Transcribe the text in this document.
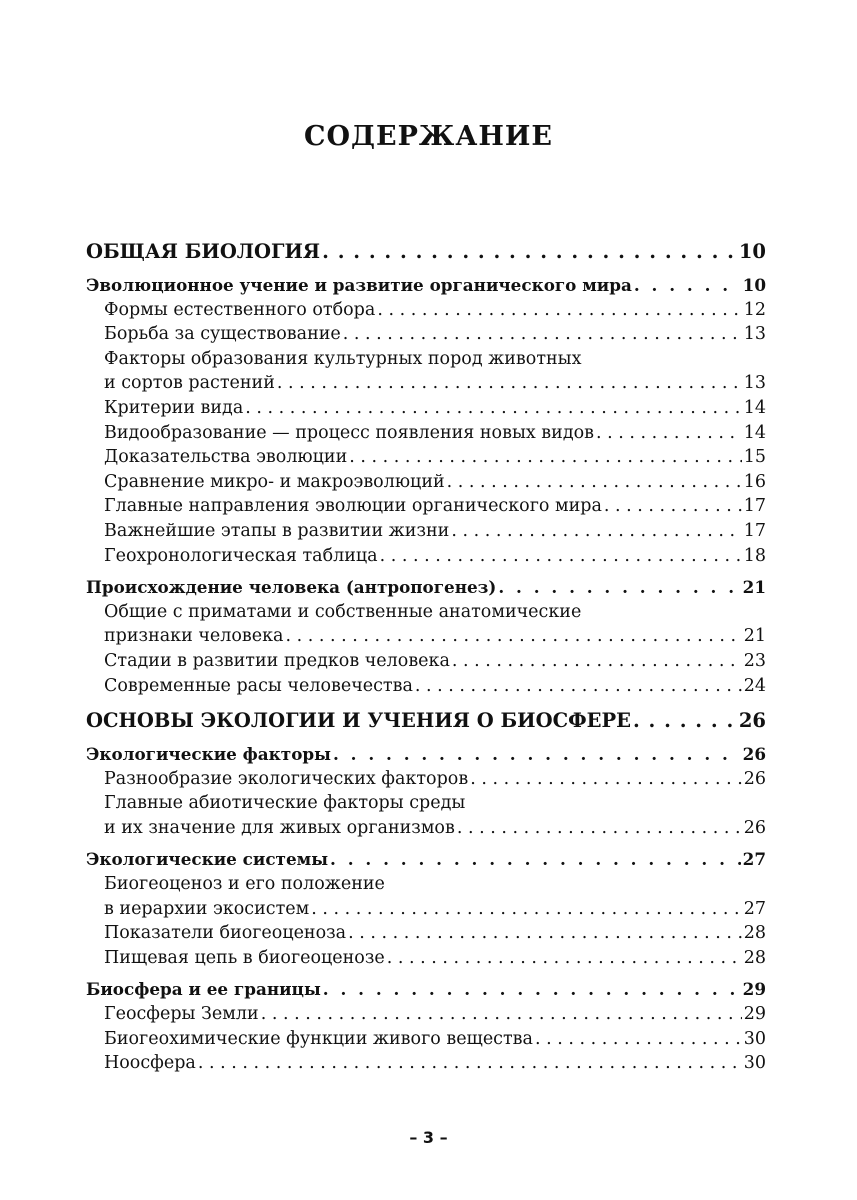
СОДЕРЖАНИЕ
ОБЩАЯ БИОЛОГИЯ . . .	10
Эволюционное учение и развитие органического мира . . .	10
Формы естественного отбора . . .	12
Борьба за существование . . .	13
Факторы образования культурных пород животных
и сортов растений . . .	13
Критерии вида . . .	14
Видообразование — процесс появления новых видов . . .	14
Доказательства эволюции . . .	15
Сравнение микро- и макроэволюций . . .	16
Главные направления эволюции органического мира . . .	17
Важнейшие этапы в развитии жизни . . .	17
Геохронологическая таблица . . .	18
Происхождение человека (антропогенез) . . .	21
Общие с приматами и собственные анатомические
признаки человека . . .	21
Стадии в развитии предков человека . . .	23
Современные расы человечества . . .	24
ОСНОВЫ ЭКОЛОГИИ И УЧЕНИЯ О БИОСФЕРЕ . . .	26
Экологические факторы . . .	26
Разнообразие экологических факторов . . .	26
Главные абиотические факторы среды
и их значение для живых организмов . . .	26
Экологические системы . . .	27
Биогеоценоз и его положение
в иерархии экосистем . . .	27
Показатели биогеоценоза . . .	28
Пищевая цепь в биогеоценозе . . .	28
Биосфера и ее границы . . .	29
Геосферы Земли . . .	29
Биогеохимические функции живого вещества . . .	30
Ноосфера . . .	30
– 3 –
